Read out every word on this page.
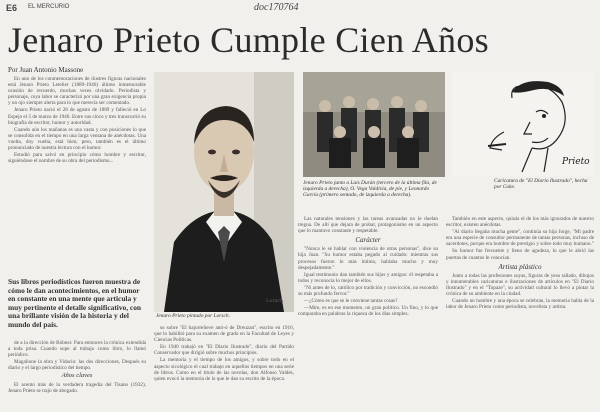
E6 EL MERCURIO	doc170764
Jenaro Prieto Cumple Cien Años
Por Juan Antonio Massone

En uno de los conmemoraciones de ilustres figuras nacionales está Jenaro Prieto Letelier (1889-1946) último inmemorable ocasión de recuerdo, muchas veces olvidado. Periodista y personaje, cuya labor se caracterizó por una gran exigencia propia y un ojo siempre alerta para lo que merecía ser comentado.

Jenaro Prieto nació el 28 de agosto de 1889 y falleció en Lo Espejo el 5 de marzo de 1946. Entre sus cinco y tres transcurrió su biografía de escritor, humor y autoridad.

Cuando aún los mañanas es una vasta y con posiciones lo que se consolida en el tiempo en una larga ventana de anécdotas. Una vuelta, doy vuelta, está bien; pero, también es el último pronunciado de nuestra lectura con el humor.

Estudió para salvó en principio cómo hombre y escritor, siguiéndose el nombre de su obra del periodismo...

Sus libros periodísticos fueron muestra de cómo le dan acontecimientos, en el humor en constante en una mente que articula y muy pertinente el detalle significativo, con una brillante visión de la historia y del mundo del país.

de a la dirección de Bóbner. Para entonces la crónica extendida a toda prisa. Cuando supe al trabajo como libro, lo llamó periódico.

Magalione la obra y Vidacio: las dos direcciones, Después su diario y el largo periodístico del tiempo.

Años claves

El acento más de la verdadera tragedia del Tisano (1932), Jenaro Prieto se trajo de abogado.

Lorsch
Jenaro Prieto pintado por Lorsch.

so sobre "El bajorrelieve anti-ó de Dreuzan", escrito en 1916, que lo habilitó para su examen de grado en la Facultad de Leyes y Ciencias Políticas.

En 1940 trabajó en "El Diario Ilustrado", diario del Partido Conservador que dirigió sobre muchos principios.

La memoria y el tiempo de los amigos, y sobre todo en el aspecto sicológico el cual trabajo en aquellos tiempos en una serie de libros. Como en el título de las novelas, don Alfonso Valdés, quien evocó la memoria de lo que le dan su escrito de la época.

Jenaro Prieto junto a Luis Durán (tercero de la última fila, de izquierda a derecha), O. Vega Valdivia, de pie, y Leonardo García (primero sentado, de izquierda a derecha).
Prieto
Caricatura de "El Diario Ilustrado", hecha por Coke.

Las naturales tensiones y las tareas avanzadas no le duelan tregua. De allí que dejara de probar, protagonismo en un aspecto que lo mantuvo constante y respetable.

Carácter

"Nunca le sé hablar con violencia de otras personas", dice su hija Juan. "Su humor estaba pegado al cuidado: mientras sus procesos fueron lo más íntimo, hablaba mucho y muy despejadamente."

Igual testimonio dan también sus hijos y amigos: él respetaba a todos y reconocía lo mejor de ellos.

"Ni antes de lo, católico por tradición y convicción, no escondió su más profundo fervor."

—¿Cómo es que se le conviene tantas cosas?

—Mire, es en ese momento, un gran político. Un fino, y lo que comparaba en palabras la riqueza de los días simples.

También en este aspecto, quizás el de los más ignorados de nuestro escritor, existen anécdotas.

"Al diario llegaba mucha gente", continúa su hija Jorge, "Mi padre era una especie de consultor permanente de tantas personas, incluso de sacerdotes, porque era hombre de prestigio y sobre todo muy humano."

Su humor fue frecuente y lleno de agudeza, lo que le abrió las puertas de cuantos le conocían.

Artista plástico

Junto a todas las profesiones suyas, figuras de yeso tallado, dibujos y innumerables caricaturas e ilustraciones de artículos en "El Diario Ilustrado" y en el "Topaze", su actividad cultural lo llevó a pintar la crónica de su ambiente en la ciudad.

Cuando un hombre y una época se celebran, la memoria habla de la labor de Jenaro Prieto como periodista, novelista y artista.
